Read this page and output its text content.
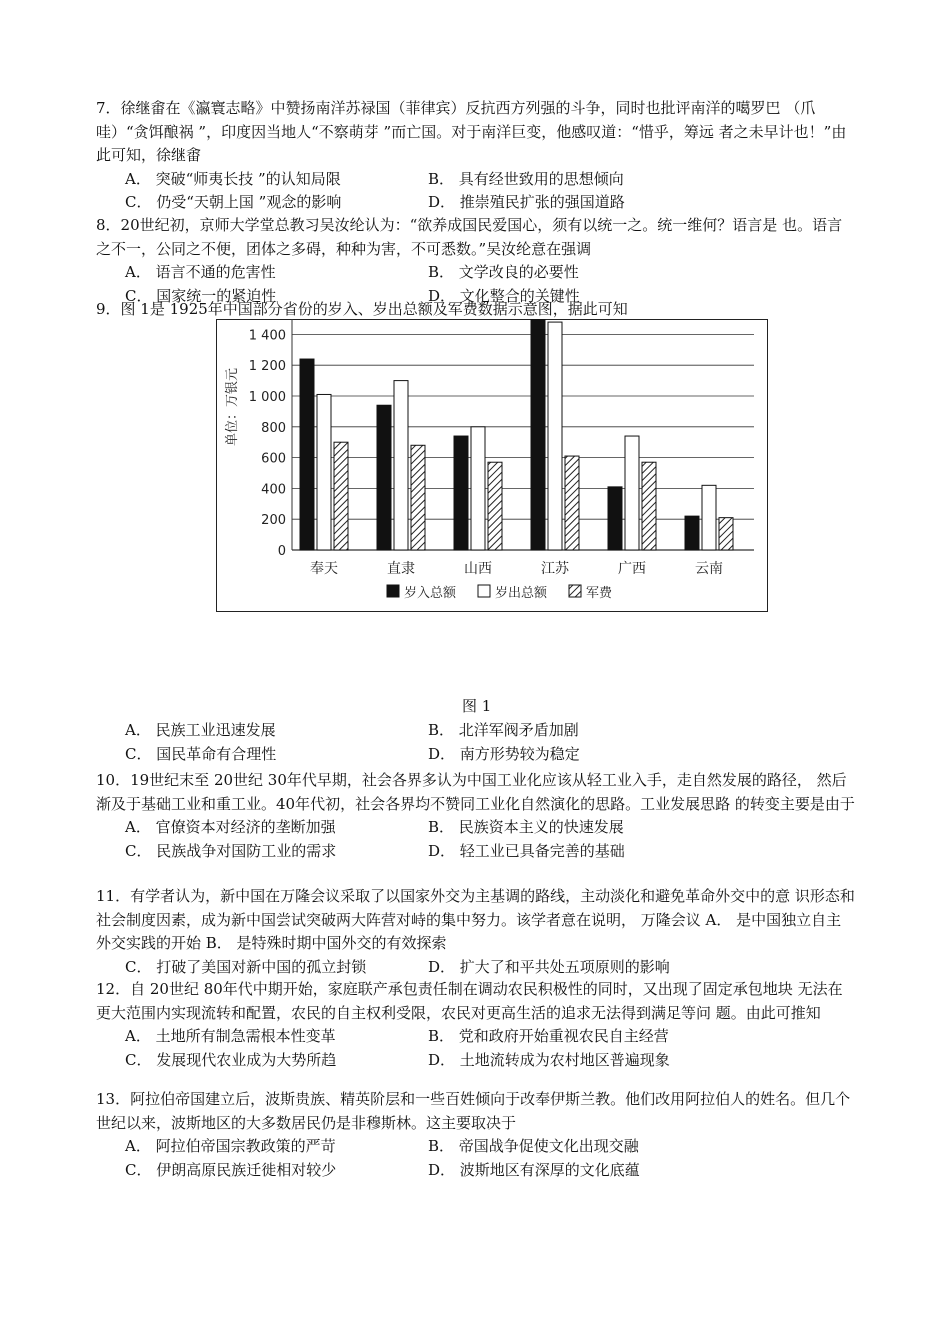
7．徐继畬在《瀛寰志略》中赞扬南洋苏禄国（菲律宾）反抗西方列强的斗争，同时也批评南洋的噶罗巴 （爪哇）“贪饵酿祸 ”，印度因当地人“不察萌芽 ”而亡国。对于南洋巨变，他感叹道：“惜乎，筹远 者之未早计也！”由此可知，徐继畬
A． 突破“师夷长技 ”的认知局限	B． 具有经世致用的思想倾向
C． 仍受“天朝上国 ”观念的影响	D． 推崇殖民扩张的强国道路
8．20世纪初，京师大学堂总教习吴汝纶认为：“欲养成国民爱国心，须有以统一之。统一维何？语言是 也。语言之不一，公同之不便，团体之多碍，种种为害，不可悉数。”吴汝纶意在强调
A． 语言不通的危害性	B． 文学改良的必要性
C． 国家统一的紧迫性	D． 文化整合的关键性
9．图 1是 1925年中国部分省份的岁入、岁出总额及军费数据示意图，据此可知
0
200
400
600
800
1 000
1 200
1 400
奉天	直隶	山西	江苏	广西	云南
单位：万银元
岁入总额	岁出总额	军费
图 1
A． 民族工业迅速发展	B． 北洋军阀矛盾加剧
C． 国民革命有合理性	D． 南方形势较为稳定
10．19世纪末至 20世纪 30年代早期，社会各界多认为中国工业化应该从轻工业入手，走自然发展的路径， 然后渐及于基础工业和重工业。40年代初，社会各界均不赞同工业化自然演化的思路。工业发展思路 的转变主要是由于
A． 官僚资本对经济的垄断加强	B． 民族资本主义的快速发展
C． 民族战争对国防工业的需求	D． 轻工业已具备完善的基础
11．有学者认为，新中国在万隆会议采取了以国家外交为主基调的路线，主动淡化和避免革命外交中的意 识形态和社会制度因素，成为新中国尝试突破两大阵营对峙的集中努力。该学者意在说明， 万隆会议 A． 是中国独立自主外交实践的开始 B． 是特殊时期中国外交的有效探索
C． 打破了美国对新中国的孤立封锁	D． 扩大了和平共处五项原则的影响
12．自 20世纪 80年代中期开始，家庭联产承包责任制在调动农民积极性的同时，又出现了固定承包地块 无法在更大范围内实现流转和配置，农民的自主权利受限，农民对更高生活的追求无法得到满足等问 题。由此可推知
A． 土地所有制急需根本性变革	B． 党和政府开始重视农民自主经营
C． 发展现代农业成为大势所趋	D． 土地流转成为农村地区普遍现象
13．阿拉伯帝国建立后，波斯贵族、精英阶层和一些百姓倾向于改奉伊斯兰教。他们改用阿拉伯人的姓名。但几个世纪以来，波斯地区的大多数居民仍是非穆斯林。这主要取决于
A． 阿拉伯帝国宗教政策的严苛	B． 帝国战争促使文化出现交融
C． 伊朗高原民族迁徙相对较少	D． 波斯地区有深厚的文化底蕴
